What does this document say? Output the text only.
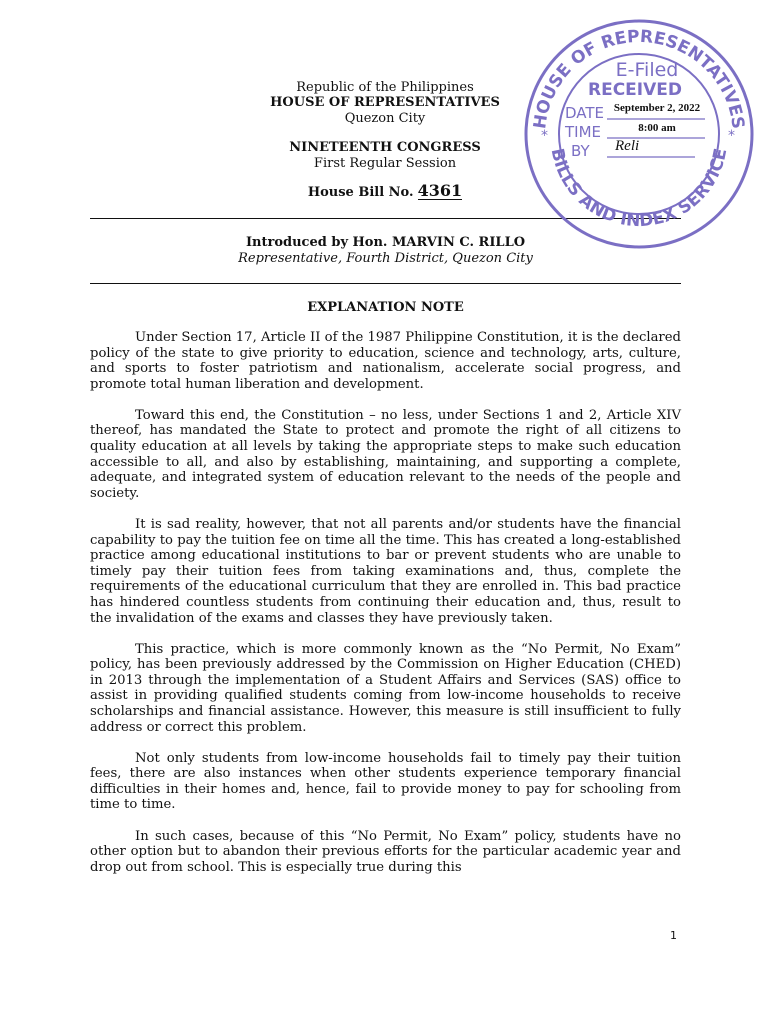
Republic of the Philippines
HOUSE OF REPRESENTATIVES
Quezon City
NINETEENTH CONGRESS
First Regular Session
House Bill No. 4361
Introduced by Hon. MARVIN C. RILLO
Representative, Fourth District, Quezon City
EXPLANATION NOTE

Under Section 17, Article II of the 1987 Philippine Constitution, it is the declared policy of the state to give priority to education, science and technology, arts, culture, and sports to foster patriotism and nationalism, accelerate social progress, and promote total human liberation and development.

Toward this end, the Constitution – no less, under Sections 1 and 2, Article XIV thereof, has mandated the State to protect and promote the right of all citizens to quality education at all levels by taking the appropriate steps to make such education accessible to all, and also by establishing, maintaining, and supporting a complete, adequate, and integrated system of education relevant to the needs of the people and society.

It is sad reality, however, that not all parents and/or students have the financial capability to pay the tuition fee on time all the time. This has created a long-established practice among educational institutions to bar or prevent students who are unable to timely pay their tuition fees from taking examinations and, thus, complete the requirements of the educational curriculum that they are enrolled in. This bad practice has hindered countless students from continuing their education and, thus, result to the invalidation of the exams and classes they have previously taken.

This practice, which is more commonly known as the “No Permit, No Exam” policy, has been previously addressed by the Commission on Higher Education (CHED) in 2013 through the implementation of a Student Affairs and Services (SAS) office to assist in providing qualified students coming from low-income households to receive scholarships and financial assistance. However, this measure is still insufficient to fully address or correct this problem.

Not only students from low-income households fail to timely pay their tuition fees, there are also instances when other students experience temporary financial difficulties in their homes and, hence, fail to provide money to pay for schooling from time to time.

In such cases, because of this “No Permit, No Exam” policy, students have no other option but to abandon their previous efforts for the particular academic year and drop out from school. This is especially true during this

1
HOUSE OF REPRESENTATIVES
BILLS AND INDEX SERVICE
*	*
E-Filed
RECEIVED
DATE
TIME
BY
September 2, 2022
8:00 am
Reli
